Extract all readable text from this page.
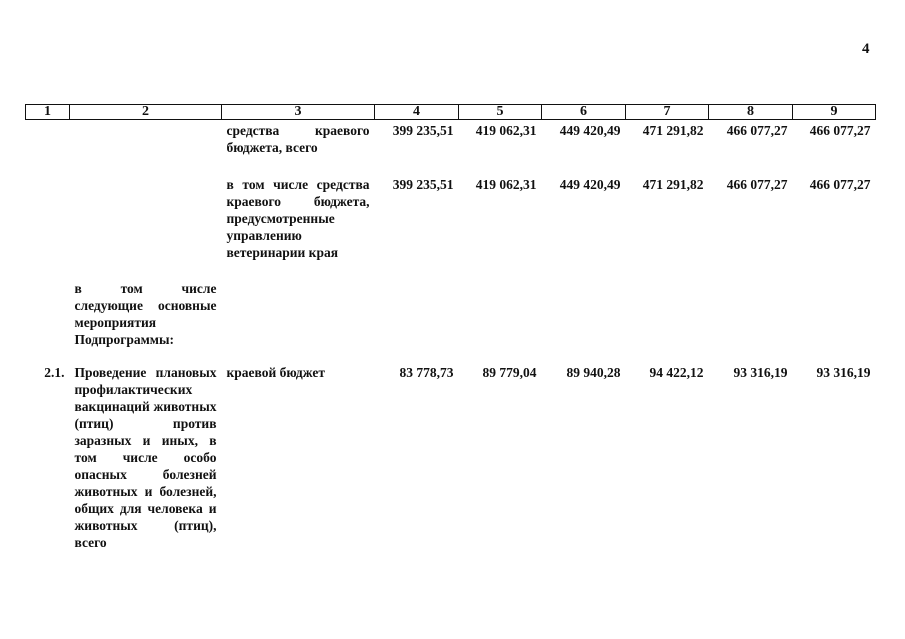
4
1	2	3	4	5	6	7	8	9
		средства краевого бюджета, всего	399 235,51	419 062,31	449 420,49	471 291,82	466 077,27	466 077,27
		в том числе средства краевого бюджета, предусмотренные управлению ветеринарии края	399 235,51	419 062,31	449 420,49	471 291,82	466 077,27	466 077,27
	в том числе следующие основные мероприятия Подпрограммы:							
2.1.	Проведение плановых профилактических вакцинаций животных (птиц) против заразных и иных, в том числе особо опасных болезней животных и болезней, общих для человека и животных (птиц), всего	краевой бюджет	83 778,73	89 779,04	89 940,28	94 422,12	93 316,19	93 316,19
